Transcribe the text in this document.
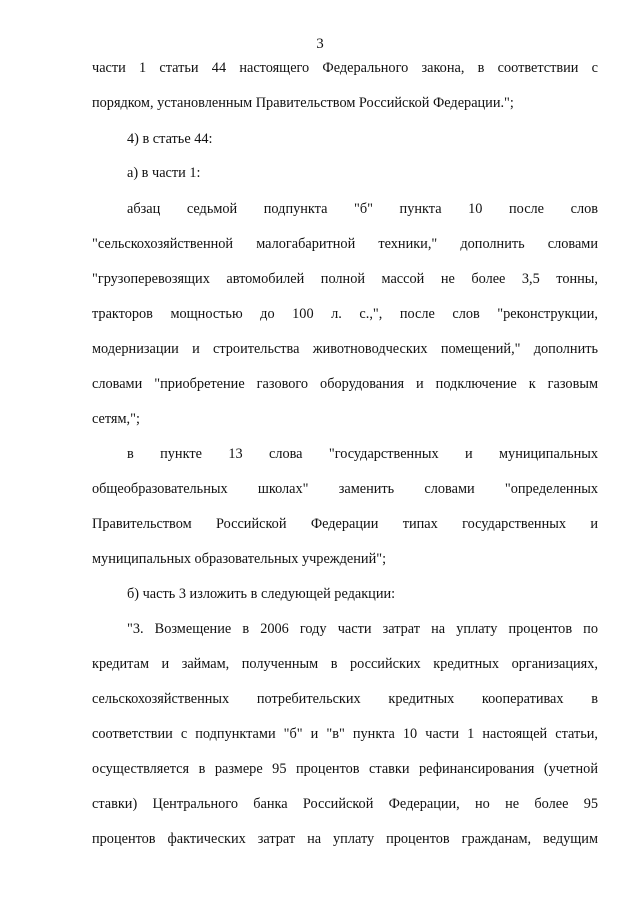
3
части 1 статьи 44 настоящего Федерального закона, в соответствии с
порядком, установленным Правительством Российской Федерации.";
4) в статье 44:
а) в части 1:
абзац седьмой подпункта "б" пункта 10 после слов
"сельскохозяйственной малогабаритной техники," дополнить словами
"грузоперевозящих автомобилей полной массой не более 3,5 тонны,
тракторов мощностью до 100 л. с.,", после слов "реконструкции,
модернизации и строительства животноводческих помещений," дополнить
словами "приобретение газового оборудования и подключение к газовым
сетям,";
в пункте 13 слова "государственных и муниципальных
общеобразовательных школах" заменить словами "определенных
Правительством Российской Федерации типах государственных и
муниципальных образовательных учреждений";
б) часть 3 изложить в следующей редакции:
"3. Возмещение в 2006 году части затрат на уплату процентов по
кредитам и займам, полученным в российских кредитных организациях,
сельскохозяйственных потребительских кредитных кооперативах в
соответствии с подпунктами "б" и "в" пункта 10 части 1 настоящей статьи,
осуществляется в размере 95 процентов ставки рефинансирования (учетной
ставки) Центрального банка Российской Федерации, но не более 95
процентов фактических затрат на уплату процентов гражданам, ведущим
